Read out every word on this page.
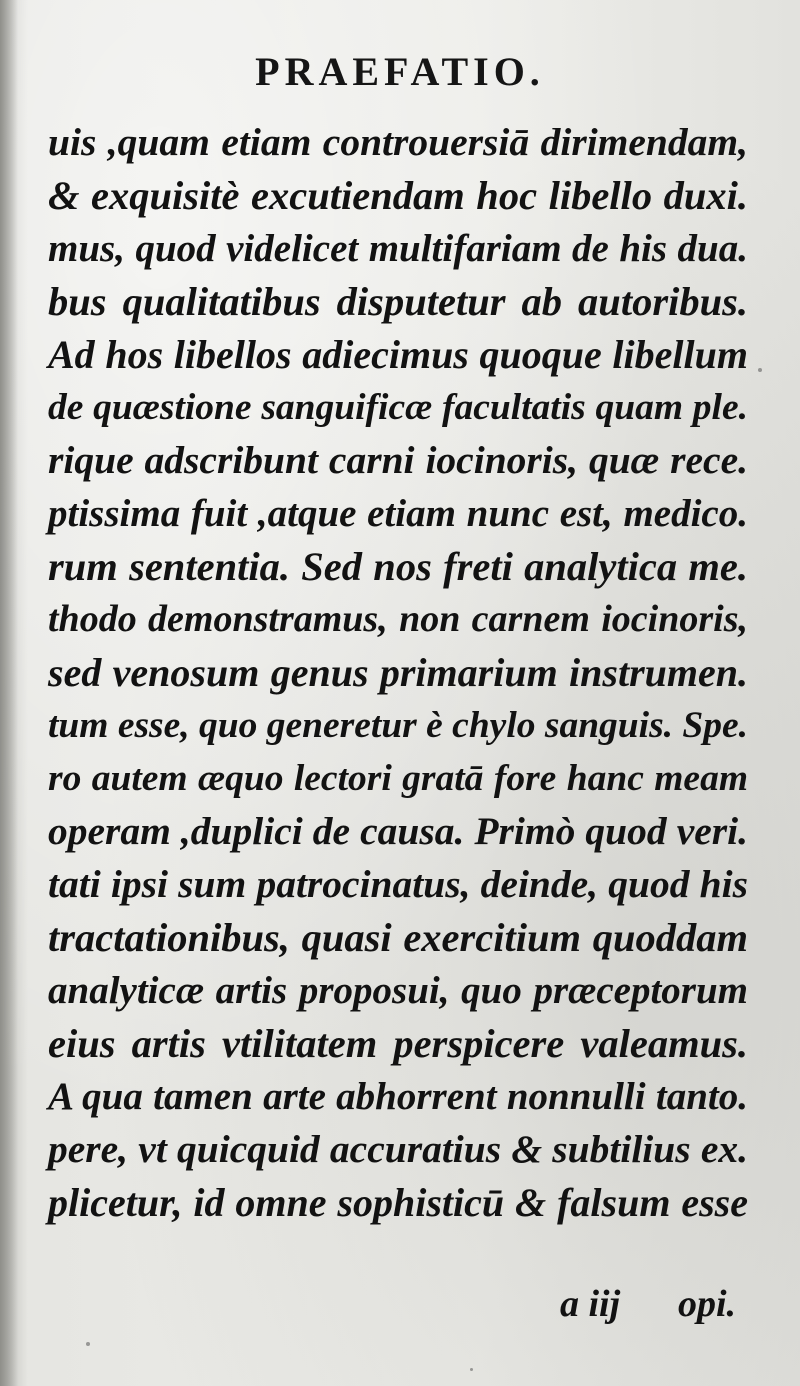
PRAEFATIO.
uis ,quam etiam controuersiā dirimendam,
& exquisitè excutiendam hoc libello duxi.
mus, quod videlicet multifariam de his dua.
bus qualitatibus disputetur ab autoribus.
Ad hos libellos adiecimus quoque libellum
de quæstione sanguificæ facultatis quam ple.
rique adscribunt carni iocinoris, quæ rece.
ptissima fuit ,atque etiam nunc est, medico.
rum sententia. Sed nos freti analytica me.
thodo demonstramus, non carnem iocinoris,
sed venosum genus primarium instrumen.
tum esse, quo generetur è chylo sanguis. Spe.
ro autem æquo lectori gratā fore hanc meam
operam ,duplici de causa. Primò quod veri.
tati ipsi sum patrocinatus, deinde, quod his
tractationibus, quasi exercitium quoddam
analyticæ artis proposui, quo præceptorum
eius artis vtilitatem perspicere valeamus.
A qua tamen arte abhorrent nonnulli tanto.
pere, vt quicquid accuratius & subtilius ex.
plicetur, id omne sophisticū & falsum esse
a iij opi.
